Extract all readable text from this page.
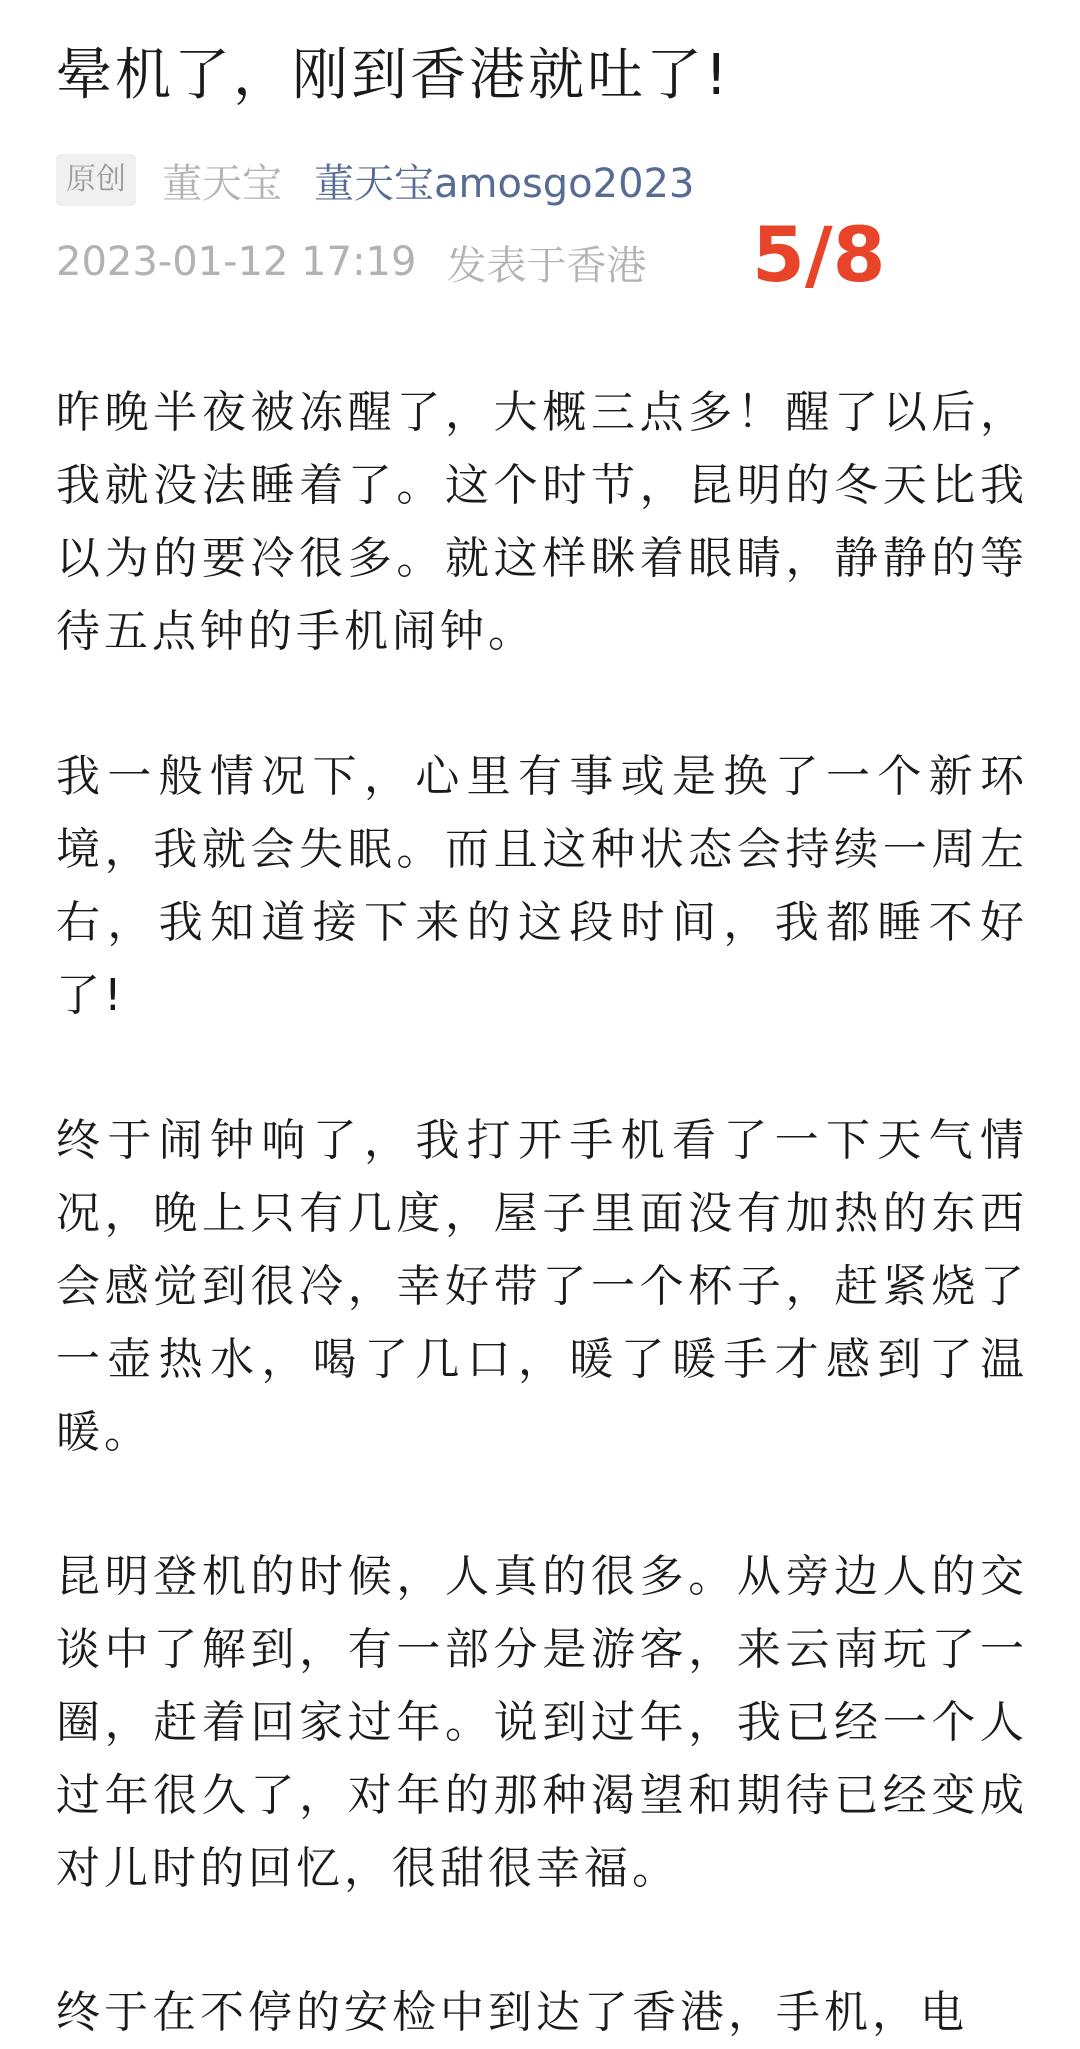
晕机了，刚到香港就吐了!
原创 董天宝 董天宝amosgo2023
2023-01-12 17:19 发表于香港 5/8

昨晚半夜被冻醒了，大概三点多！醒了以后，我就没法睡着了。这个时节，昆明的冬天比我以为的要冷很多。就这样眯着眼睛，静静的等待五点钟的手机闹钟。

我一般情况下，心里有事或是换了一个新环境，我就会失眠。而且这种状态会持续一周左右，我知道接下来的这段时间，我都睡不好了!

终于闹钟响了，我打开手机看了一下天气情况，晚上只有几度，屋子里面没有加热的东西会感觉到很冷，幸好带了一个杯子，赶紧烧了一壶热水，喝了几口，暖了暖手才感到了温暖。

昆明登机的时候，人真的很多。从旁边人的交谈中了解到，有一部分是游客，来云南玩了一圈，赶着回家过年。说到过年，我已经一个人过年很久了，对年的那种渴望和期待已经变成对儿时的回忆，很甜很幸福。

终于在不停的安检中到达了香港，手机，电
